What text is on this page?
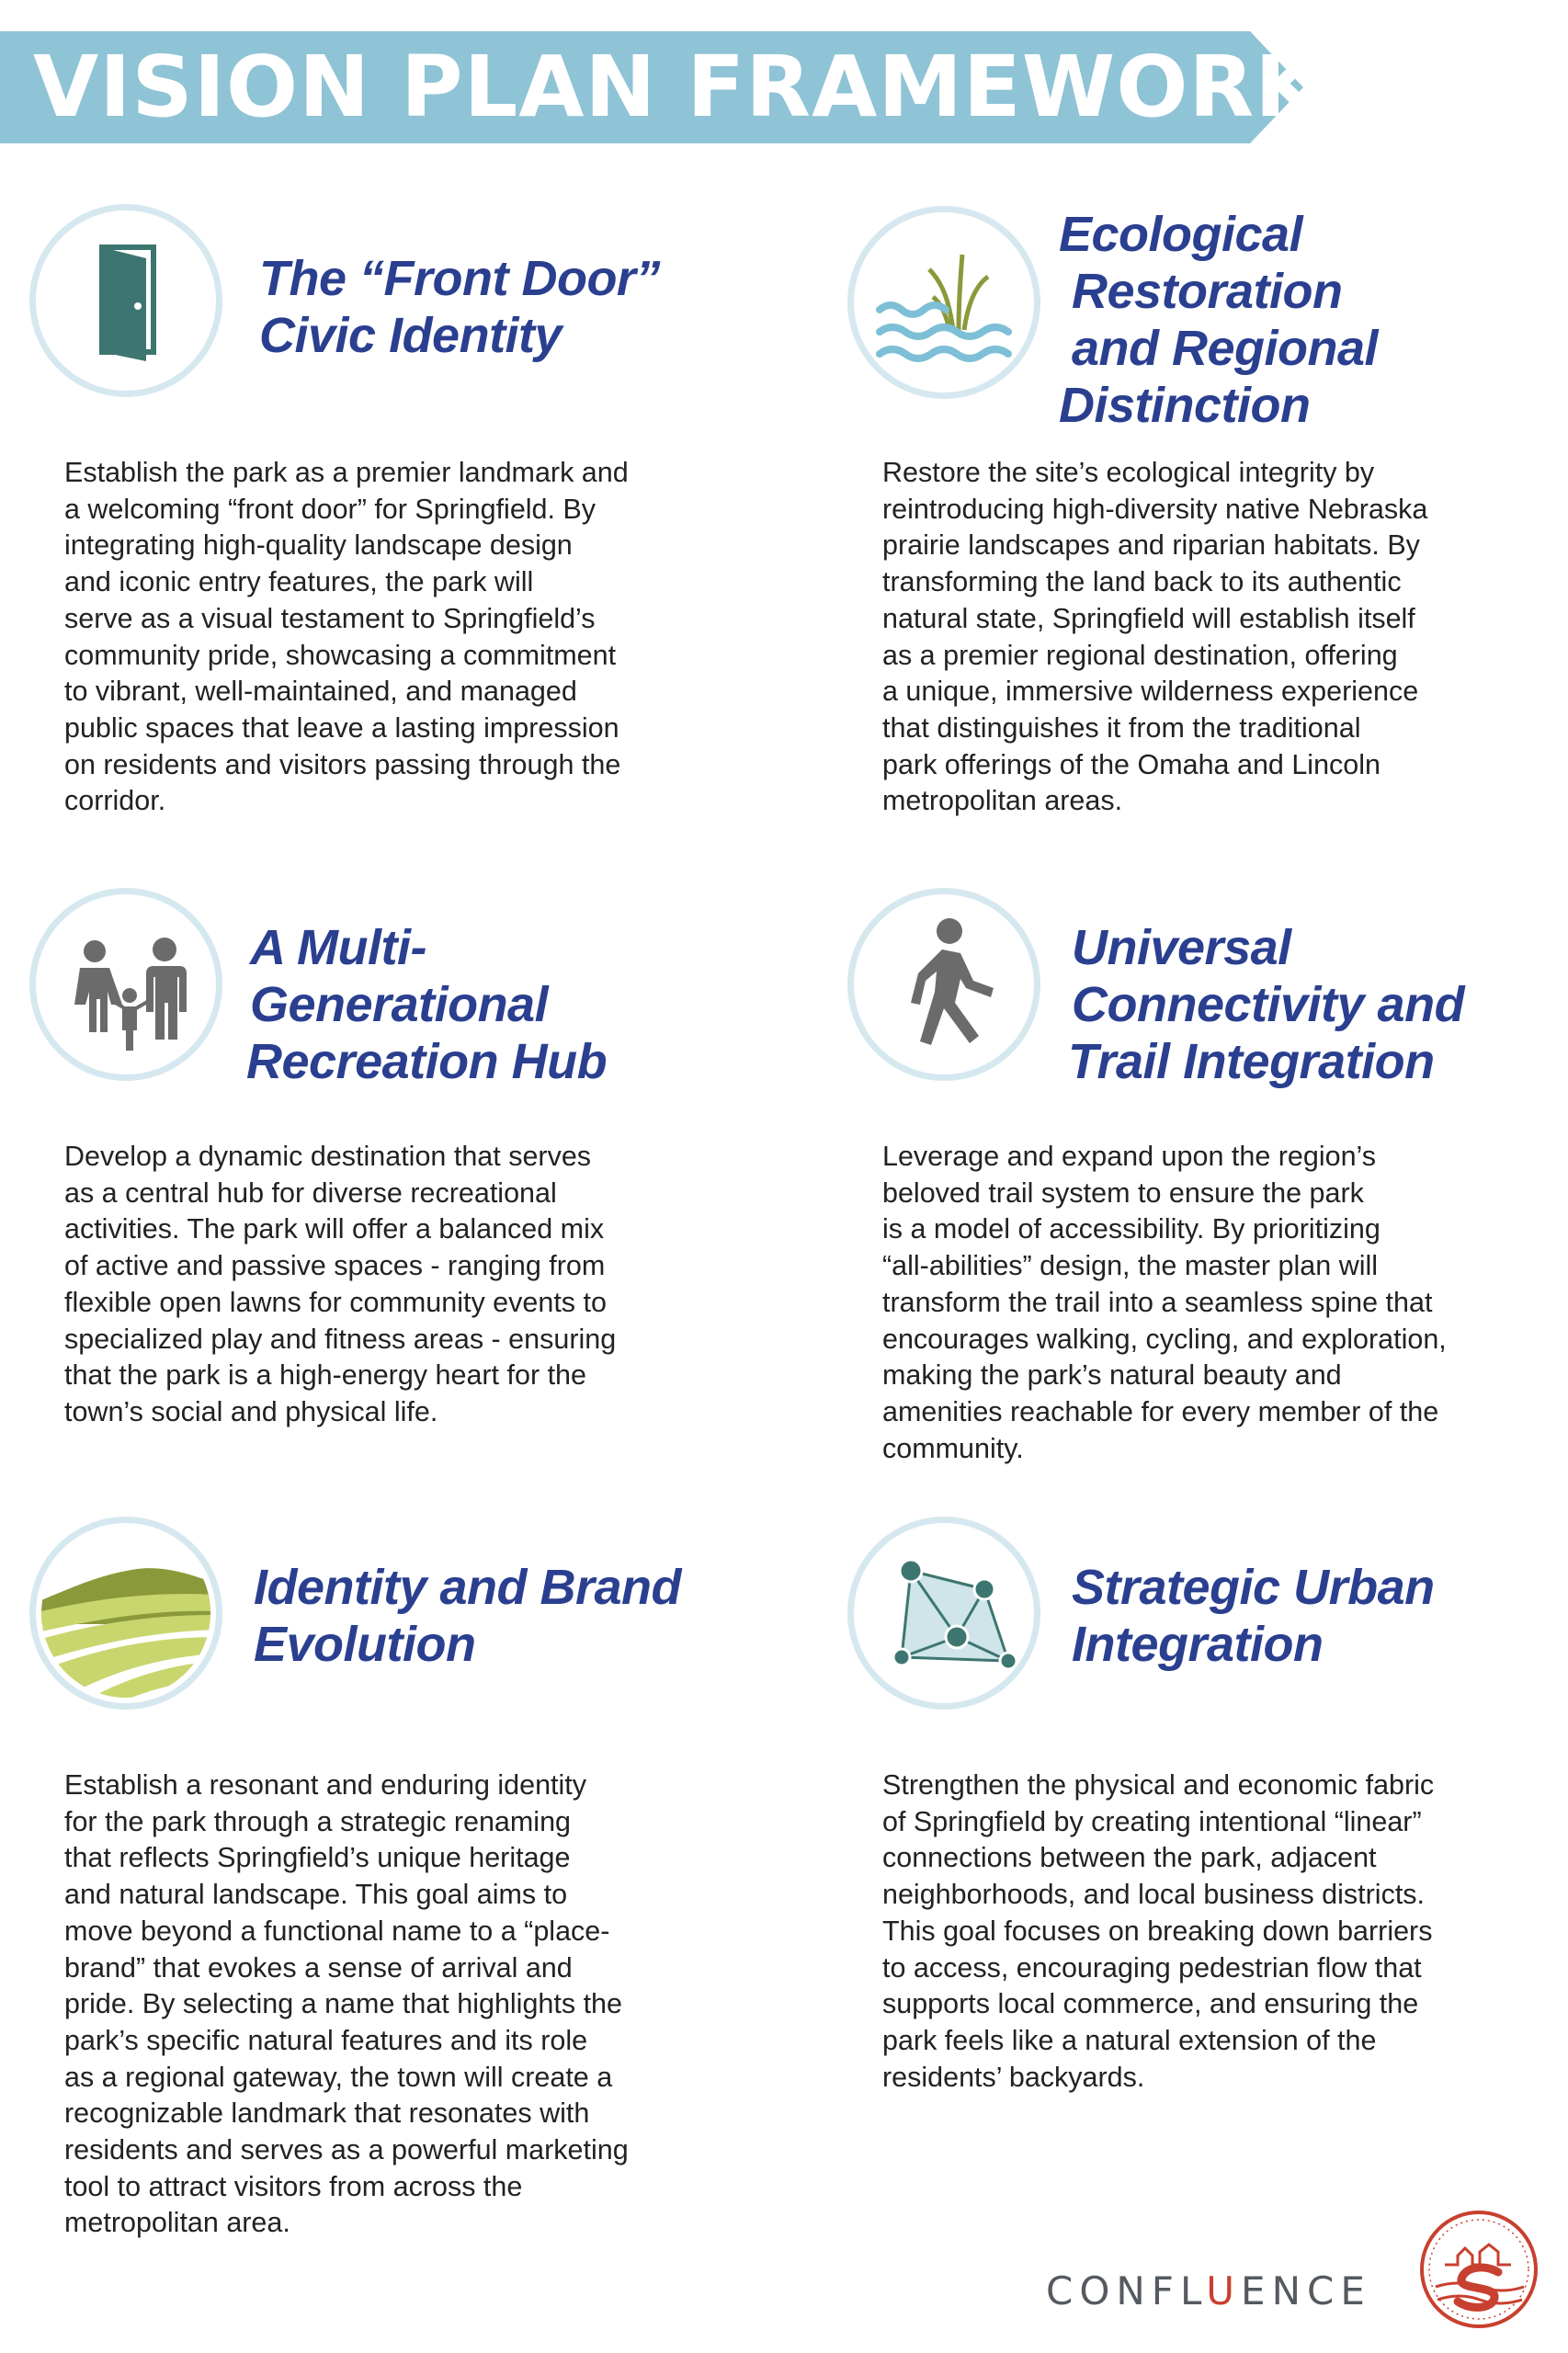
VISION PLAN FRAMEWORK
The “Front Door”
Civic Identity
Establish the park as a premier landmark and
a welcoming “front door” for Springfield. By
integrating high-quality landscape design
and iconic entry features, the park will
serve as a visual testament to Springfield’s
community pride, showcasing a commitment
to vibrant, well-maintained, and managed
public spaces that leave a lasting impression
on residents and visitors passing through the
corridor.
Ecological
Restoration
and Regional
Distinction
Restore the site’s ecological integrity by
reintroducing high-diversity native Nebraska
prairie landscapes and riparian habitats. By
transforming the land back to its authentic
natural state, Springfield will establish itself
as a premier regional destination, offering
a unique, immersive wilderness experience
that distinguishes it from the traditional
park offerings of the Omaha and Lincoln
metropolitan areas.
A Multi-
Generational
Recreation Hub
Develop a dynamic destination that serves
as a central hub for diverse recreational
activities. The park will offer a balanced mix
of active and passive spaces - ranging from
flexible open lawns for community events to
specialized play and fitness areas - ensuring
that the park is a high-energy heart for the
town’s social and physical life.
Universal
Connectivity and
Trail Integration
Leverage and expand upon the region’s
beloved trail system to ensure the park
is a model of accessibility. By prioritizing
“all-abilities” design, the master plan will
transform the trail into a seamless spine that
encourages walking, cycling, and exploration,
making the park’s natural beauty and
amenities reachable for every member of the
community.
Identity and Brand
Evolution
Establish a resonant and enduring identity
for the park through a strategic renaming
that reflects Springfield’s unique heritage
and natural landscape. This goal aims to
move beyond a functional name to a “place-
brand” that evokes a sense of arrival and
pride. By selecting a name that highlights the
park’s specific natural features and its role
as a regional gateway, the town will create a
recognizable landmark that resonates with
residents and serves as a powerful marketing
tool to attract visitors from across the
metropolitan area.
Strategic Urban
Integration
Strengthen the physical and economic fabric
of Springfield by creating intentional “linear”
connections between the park, adjacent
neighborhoods, and local business districts.
This goal focuses on breaking down barriers
to access, encouraging pedestrian flow that
supports local commerce, and ensuring the
park feels like a natural extension of the
residents’ backyards.
CONFLUENCE
